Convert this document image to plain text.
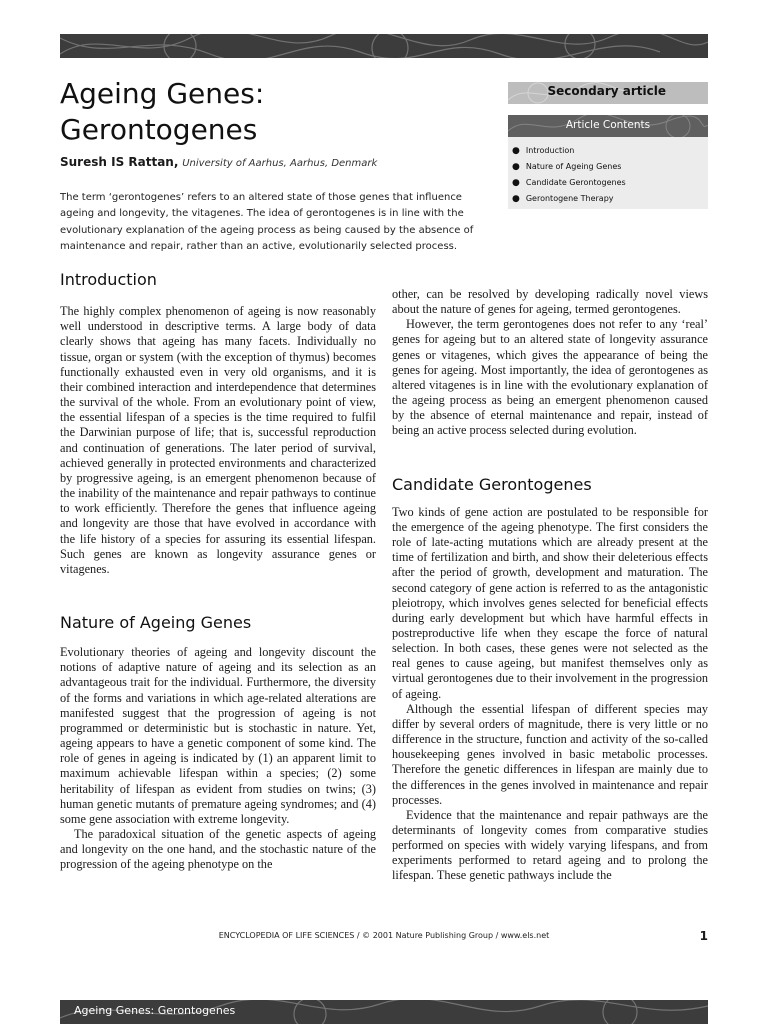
Ageing Genes:
Gerontogenes
Suresh IS Rattan, University of Aarhus, Aarhus, Denmark

The term ‘gerontogenes’ refers to an altered state of those genes that influence ageing and longevity, the vitagenes. The idea of gerontogenes is in line with the evolutionary explanation of the ageing process as being caused by the absence of maintenance and repair, rather than an active, evolutionarily selected process.

Secondary article
Article Contents
● Introduction
● Nature of Ageing Genes
● Candidate Gerontogenes
● Gerontogene Therapy
Introduction

The highly complex phenomenon of ageing is now reasonably well understood in descriptive terms. A large body of data clearly shows that ageing has many facets. Individually no tissue, organ or system (with the exception of thymus) becomes functionally exhausted even in very old organisms, and it is their combined interaction and interdependence that determines the survival of the whole. From an evolutionary point of view, the essential lifespan of a species is the time required to fulfil the Darwinian purpose of life; that is, successful reproduction and continuation of generations. The later period of survival, achieved generally in protected environments and characterized by progressive ageing, is an emergent phenomenon because of the inability of the maintenance and repair pathways to continue to work efficiently. Therefore the genes that influence ageing and longevity are those that have evolved in accordance with the life history of a species for assuring its essential lifespan. Such genes are known as longevity assurance genes or vitagenes.

Nature of Ageing Genes

Evolutionary theories of ageing and longevity discount the notions of adaptive nature of ageing and its selection as an advantageous trait for the individual. Furthermore, the diversity of the forms and variations in which age-related alterations are manifested suggest that the progression of ageing is not programmed or deterministic but is stochastic in nature. Yet, ageing appears to have a genetic component of some kind. The role of genes in ageing is indicated by (1) an apparent limit to maximum achievable lifespan within a species; (2) some heritability of lifespan as evident from studies on twins; (3) human genetic mutants of premature ageing syndromes; and (4) some gene association with extreme longevity.

The paradoxical situation of the genetic aspects of ageing and longevity on the one hand, and the stochastic nature of the progression of the ageing phenotype on the

other, can be resolved by developing radically novel views about the nature of genes for ageing, termed gerontogenes.

However, the term gerontogenes does not refer to any ‘real’ genes for ageing but to an altered state of longevity assurance genes or vitagenes, which gives the appearance of being the genes for ageing. Most importantly, the idea of gerontogenes as altered vitagenes is in line with the evolutionary explanation of the ageing process as being an emergent phenomenon caused by the absence of eternal maintenance and repair, instead of being an active process selected during evolution.

Candidate Gerontogenes

Two kinds of gene action are postulated to be responsible for the emergence of the ageing phenotype. The first considers the role of late-acting mutations which are already present at the time of fertilization and birth, and show their deleterious effects after the period of growth, development and maturation. The second category of gene action is referred to as the antagonistic pleiotropy, which involves genes selected for beneficial effects during early development but which have harmful effects in postreproductive life when they escape the force of natural selection. In both cases, these genes were not selected as the real genes to cause ageing, but manifest themselves only as virtual gerontogenes due to their involvement in the progression of ageing.

Although the essential lifespan of different species may differ by several orders of magnitude, there is very little or no difference in the structure, function and activity of the so-called housekeeping genes involved in basic metabolic processes. Therefore the genetic differences in lifespan are mainly due to the differences in the genes involved in maintenance and repair processes.

Evidence that the maintenance and repair pathways are the determinants of longevity comes from comparative studies performed on species with widely varying lifespans, and from experiments performed to retard ageing and to prolong the lifespan. These genetic pathways include the

ENCYCLOPEDIA OF LIFE SCIENCES / © 2001 Nature Publishing Group / www.els.net	1
Ageing Genes: Gerontogenes
